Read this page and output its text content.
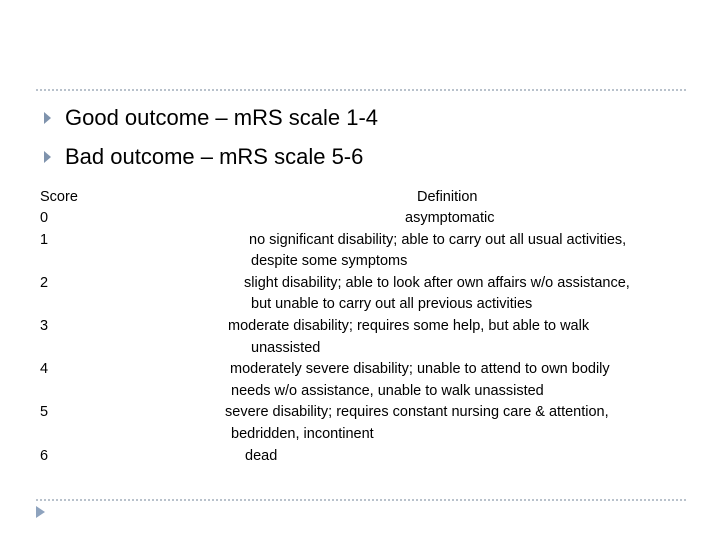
Good outcome – mRS scale 1-4
Bad outcome – mRS scale 5-6
Score	Definition
0	asymptomatic
1	no significant disability; able to carry out all usual activities,
despite some symptoms
2	slight disability; able to look after own affairs w/o assistance,
but unable to carry out all previous activities
3	moderate disability; requires some help, but able to walk
unassisted
4	moderately severe disability; unable to attend to own bodily
needs w/o assistance, unable to walk unassisted
5	severe disability; requires constant nursing care & attention,
bedridden, incontinent
6	dead
